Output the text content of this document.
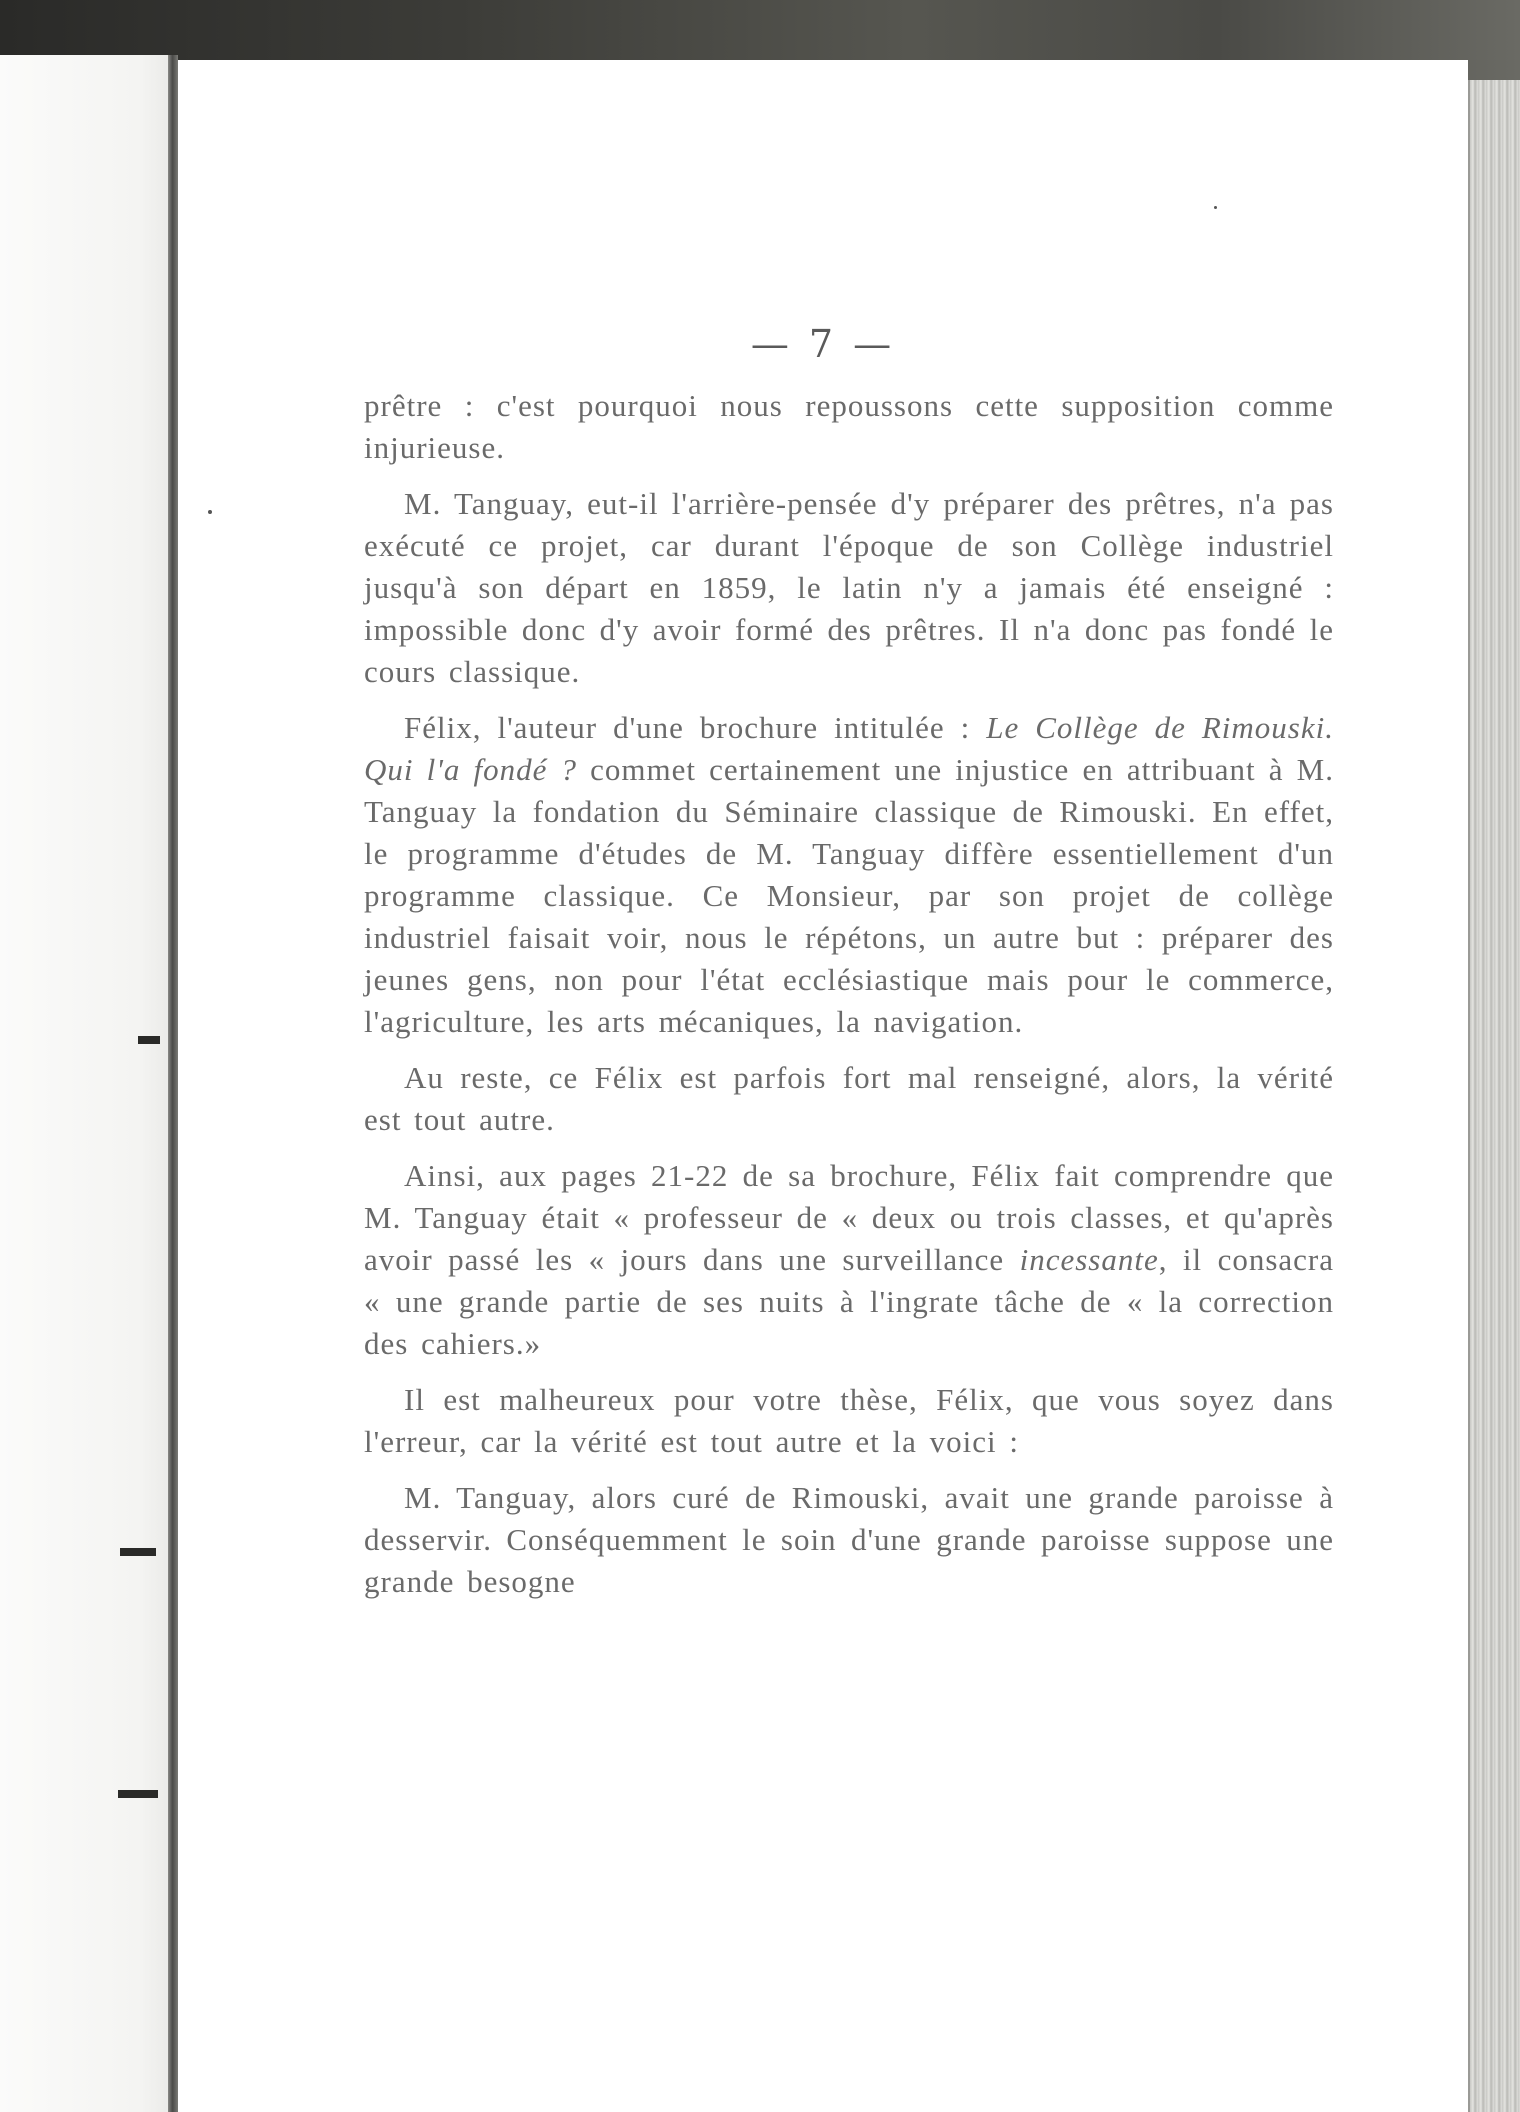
— 7 —

prêtre : c'est pourquoi nous repoussons cette supposition comme injurieuse.

M. Tanguay, eut-il l'arrière-pensée d'y préparer des prêtres, n'a pas exécuté ce projet, car durant l'époque de son Collège industriel jusqu'à son départ en 1859, le latin n'y a jamais été enseigné : impossible donc d'y avoir formé des prêtres. Il n'a donc pas fondé le cours classique.

Félix, l'auteur d'une brochure intitulée : Le Collège de Rimouski. Qui l'a fondé ? commet certainement une injustice en attribuant à M. Tanguay la fondation du Séminaire classique de Rimouski. En effet, le programme d'études de M. Tanguay diffère essentiellement d'un programme classique. Ce Monsieur, par son projet de collège industriel faisait voir, nous le répétons, un autre but : préparer des jeunes gens, non pour l'état ecclésiastique mais pour le commerce, l'agriculture, les arts mécaniques, la navigation.

Au reste, ce Félix est parfois fort mal renseigné, alors, la vérité est tout autre.

Ainsi, aux pages 21-22 de sa brochure, Félix fait comprendre que M. Tanguay était « professeur de « deux ou trois classes, et qu'après avoir passé les « jours dans une surveillance incessante, il consacra « une grande partie de ses nuits à l'ingrate tâche de « la correction des cahiers.»

Il est malheureux pour votre thèse, Félix, que vous soyez dans l'erreur, car la vérité est tout autre et la voici :

M. Tanguay, alors curé de Rimouski, avait une grande paroisse à desservir. Conséquemment le soin d'une grande paroisse suppose une grande besogne
